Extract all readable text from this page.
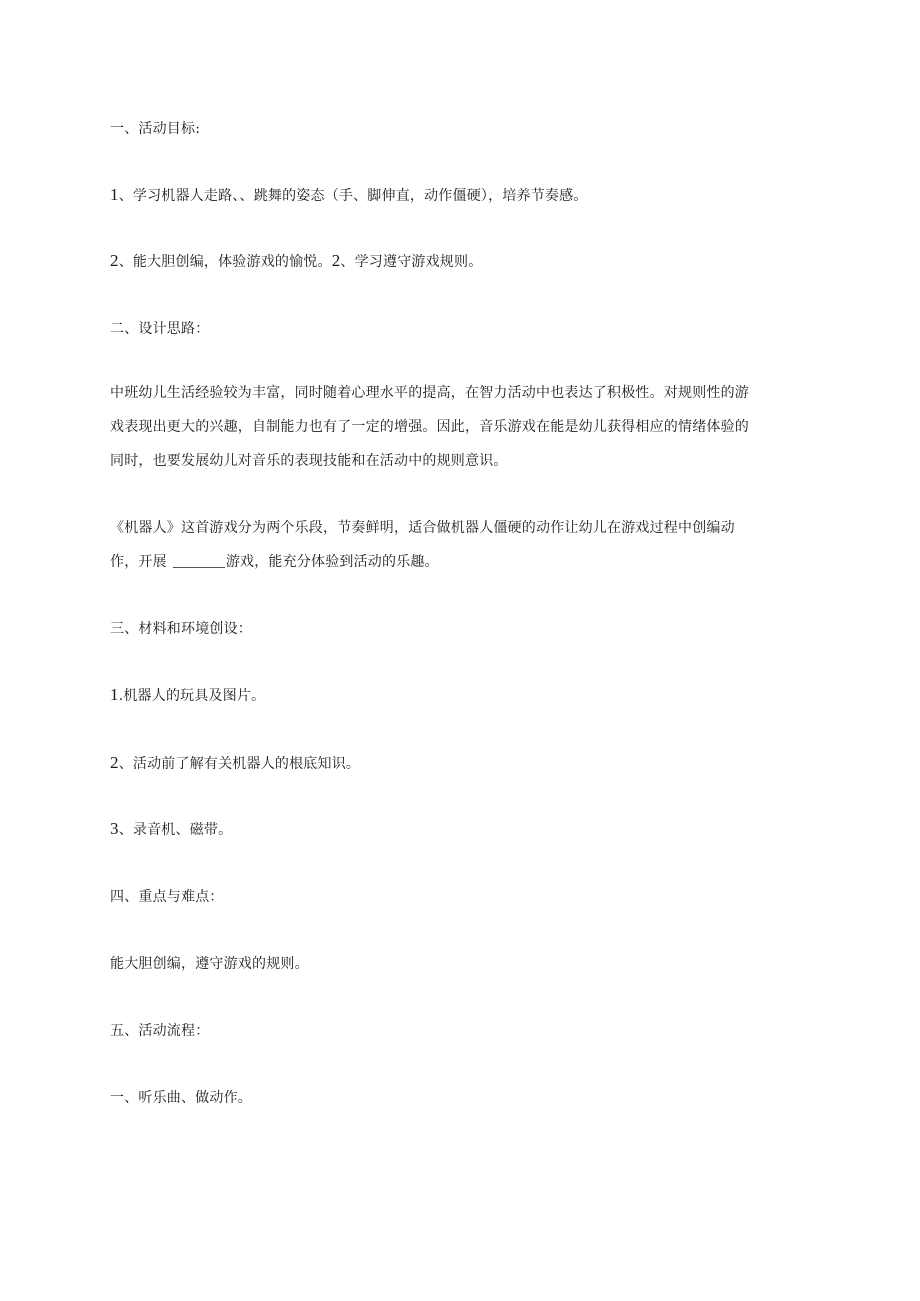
一、活动目标:
1、学习机器人走路、、跳舞的姿态（手、脚伸直，动作僵硬），培养节奏感。
2、能大胆创编，体验游戏的愉悦。2、学习遵守游戏规则。
二、设计思路：
中班幼儿生活经验较为丰富，同时随着心理水平的提高，在智力活动中也表达了积极性。对规则性的游
戏表现出更大的兴趣，自制能力也有了一定的增强。因此，音乐游戏在能是幼儿获得相应的情绪体验的
同时，也要发展幼儿对音乐的表现技能和在活动中的规则意识。
《机器人》这首游戏分为两个乐段，节奏鲜明，适合做机器人僵硬的动作让幼儿在游戏过程中创编动
作，开展	游戏，能充分体验到活动的乐趣。
三、材料和环境创设：
1.机器人的玩具及图片。
2、活动前了解有关机器人的根底知识。
3、录音机、磁带。
四、重点与难点：
能大胆创编，遵守游戏的规则。
五、活动流程：
一、听乐曲、做动作。
